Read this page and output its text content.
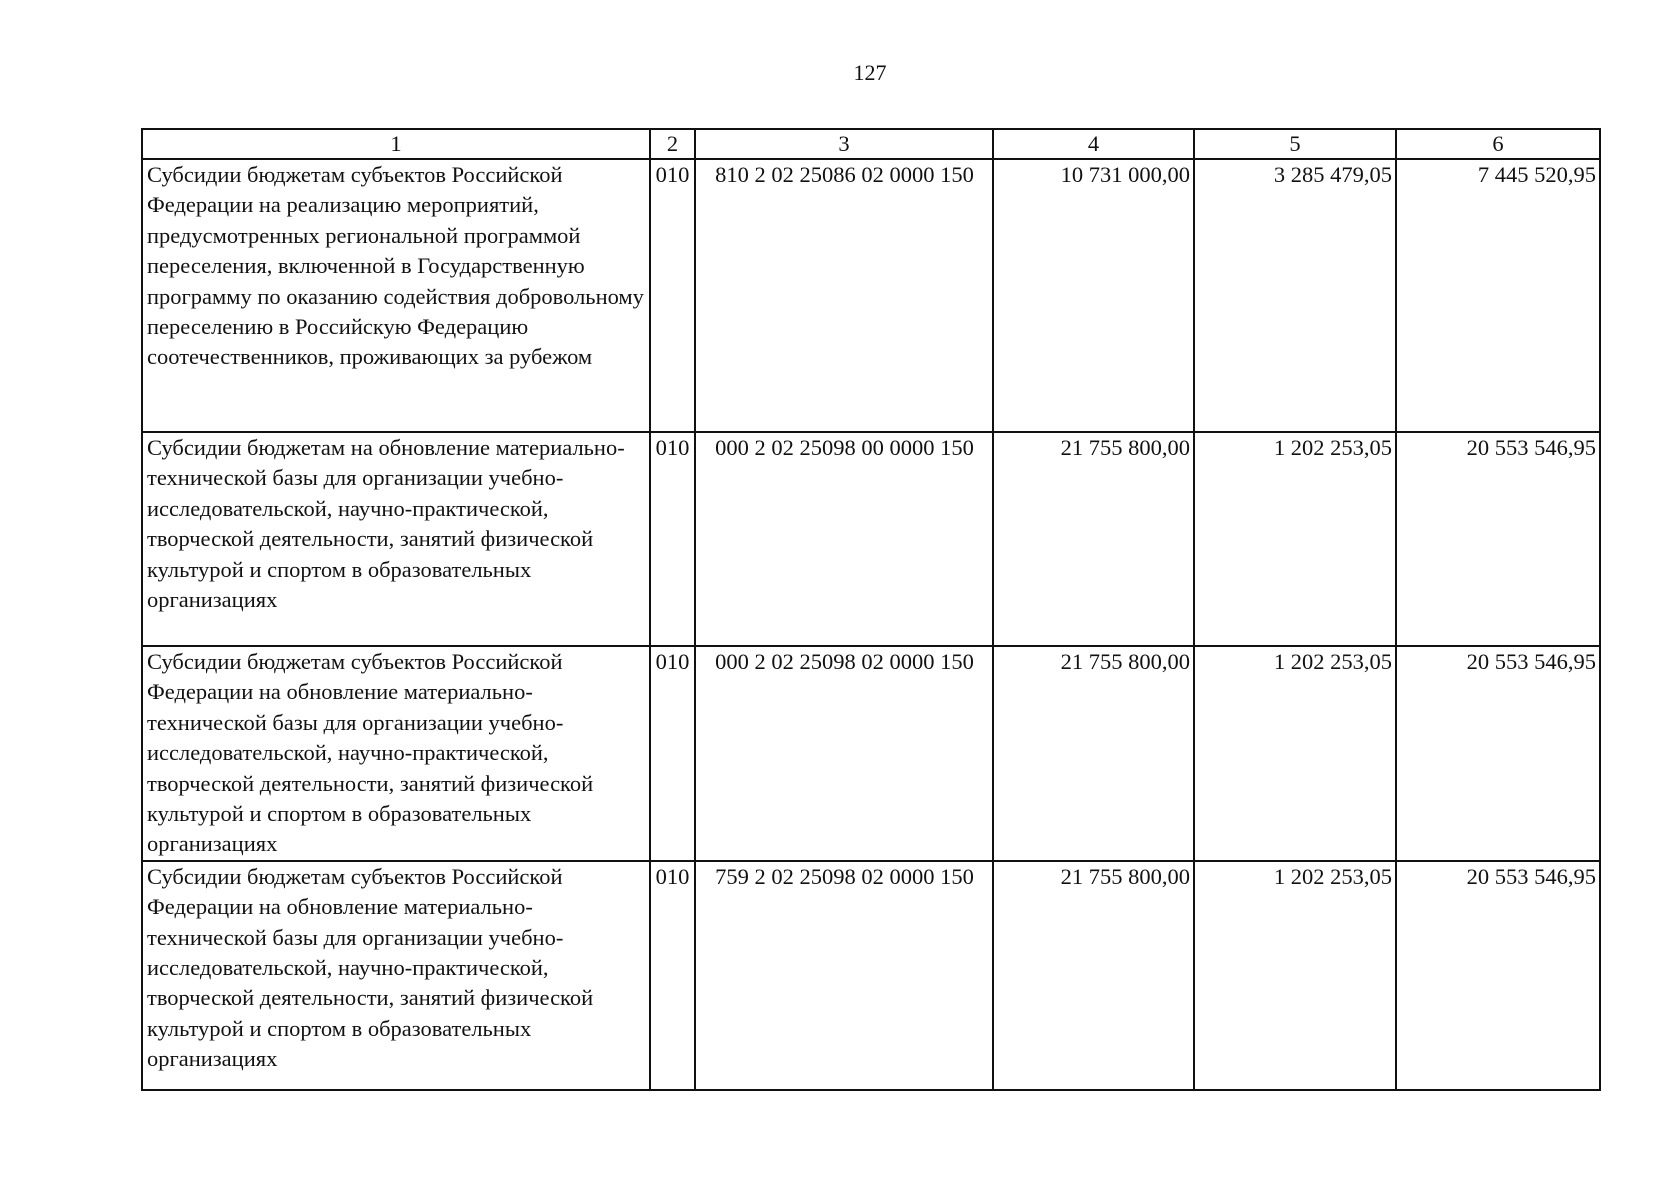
127
1	2	3	4	5	6
Субсидии бюджетам субъектов Российской Федерации на реализацию мероприятий, предусмотренных региональной программой переселения, включенной в Государственную программу по оказанию содействия добровольному переселению в Российскую Федерацию соотечественников, проживающих за рубежом	010	810 2 02 25086 02 0000 150	10 731 000,00	3 285 479,05	7 445 520,95
Субсидии бюджетам на обновление материально-технической базы для организации учебно-исследовательской, научно-практической, творческой деятельности, занятий физической культурой и спортом в образовательных организациях	010	000 2 02 25098 00 0000 150	21 755 800,00	1 202 253,05	20 553 546,95
Субсидии бюджетам субъектов Российской Федерации на обновление материально-технической базы для организации учебно-исследовательской, научно-практической, творческой деятельности, занятий физической культурой и спортом в образовательных организациях	010	000 2 02 25098 02 0000 150	21 755 800,00	1 202 253,05	20 553 546,95
Субсидии бюджетам субъектов Российской Федерации на обновление материально-технической базы для организации учебно-исследовательской, научно-практической, творческой деятельности, занятий физической культурой и спортом в образовательных организациях	010	759 2 02 25098 02 0000 150	21 755 800,00	1 202 253,05	20 553 546,95
